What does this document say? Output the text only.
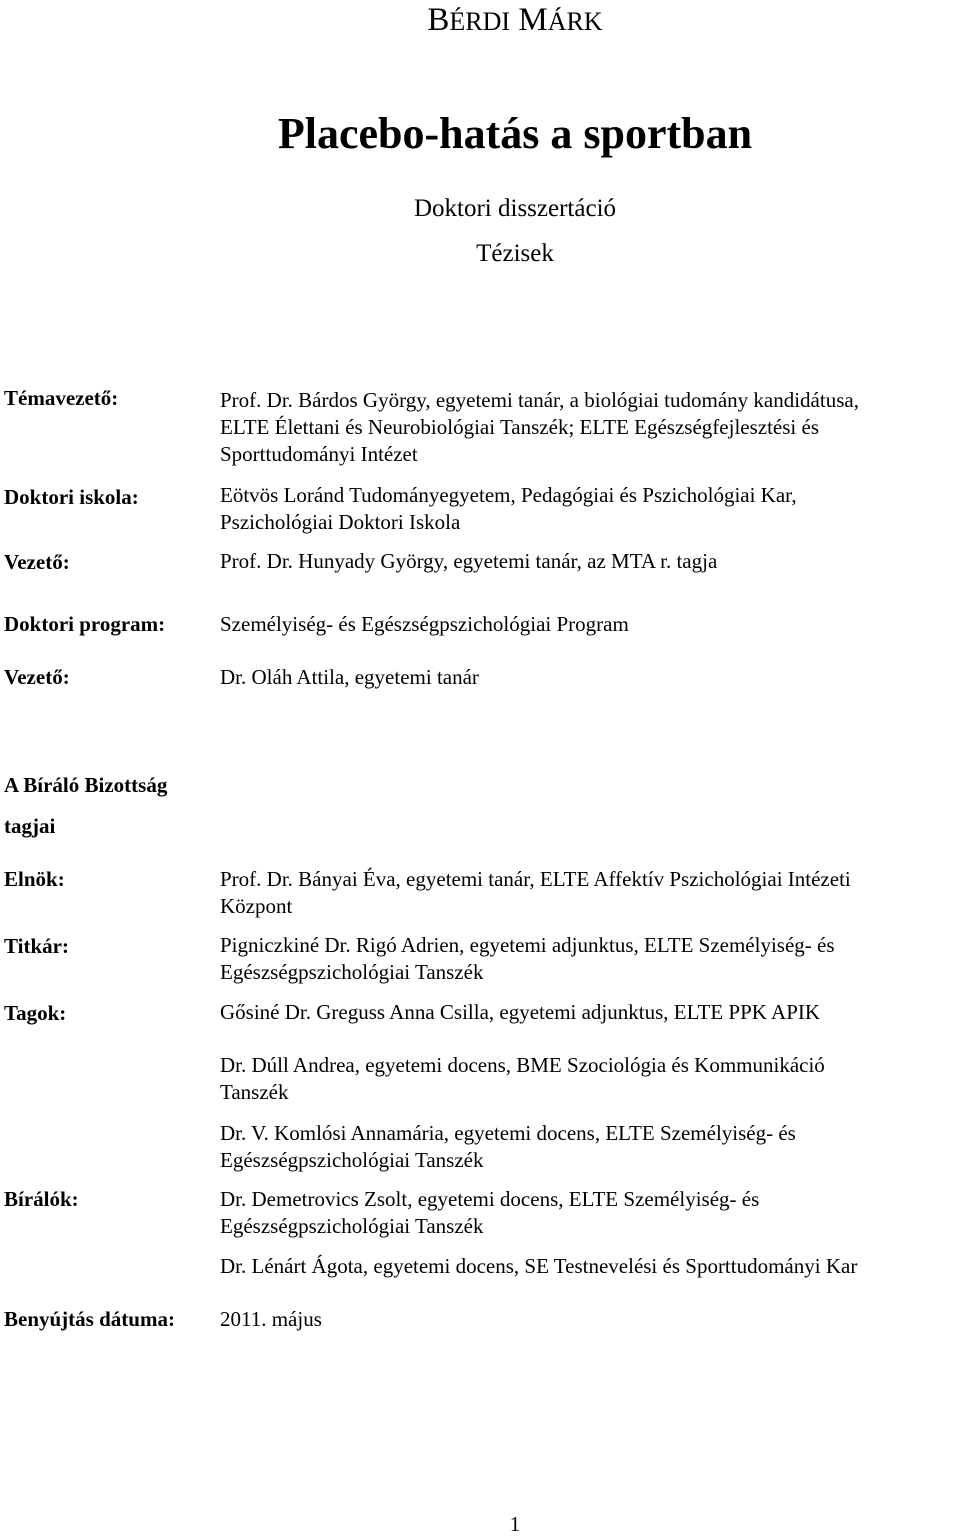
BÉRDI MÁRK
Placebo-hatás a sportban
Doktori disszertáció
Tézisek
Témavezető:	Prof. Dr. Bárdos György, egyetemi tanár, a biológiai tudomány kandidátusa,
ELTE Élettani és Neurobiológiai Tanszék; ELTE Egészségfejlesztési és
Sporttudományi Intézet
Doktori iskola:	Eötvös Loránd Tudományegyetem, Pedagógiai és Pszichológiai Kar,
Pszichológiai Doktori Iskola
Vezető:	Prof. Dr. Hunyady György, egyetemi tanár, az MTA r. tagja
Doktori program:	Személyiség- és Egészségpszichológiai Program
Vezető:	Dr. Oláh Attila, egyetemi tanár
A Bíráló Bizottság
tagjai
Elnök:	Prof. Dr. Bányai Éva, egyetemi tanár, ELTE Affektív Pszichológiai Intézeti
Központ
Titkár:	Pigniczkiné Dr. Rigó Adrien, egyetemi adjunktus, ELTE Személyiség- és
Egészségpszichológiai Tanszék
Tagok:	Gősiné Dr. Greguss Anna Csilla, egyetemi adjunktus, ELTE PPK APIK
Dr. Dúll Andrea, egyetemi docens, BME Szociológia és Kommunikáció
Tanszék
Dr. V. Komlósi Annamária, egyetemi docens, ELTE Személyiség- és
Egészségpszichológiai Tanszék
Bírálók:	Dr. Demetrovics Zsolt, egyetemi docens, ELTE Személyiség- és
Egészségpszichológiai Tanszék
Dr. Lénárt Ágota, egyetemi docens, SE Testnevelési és Sporttudományi Kar
Benyújtás dátuma: 2011. május
1
